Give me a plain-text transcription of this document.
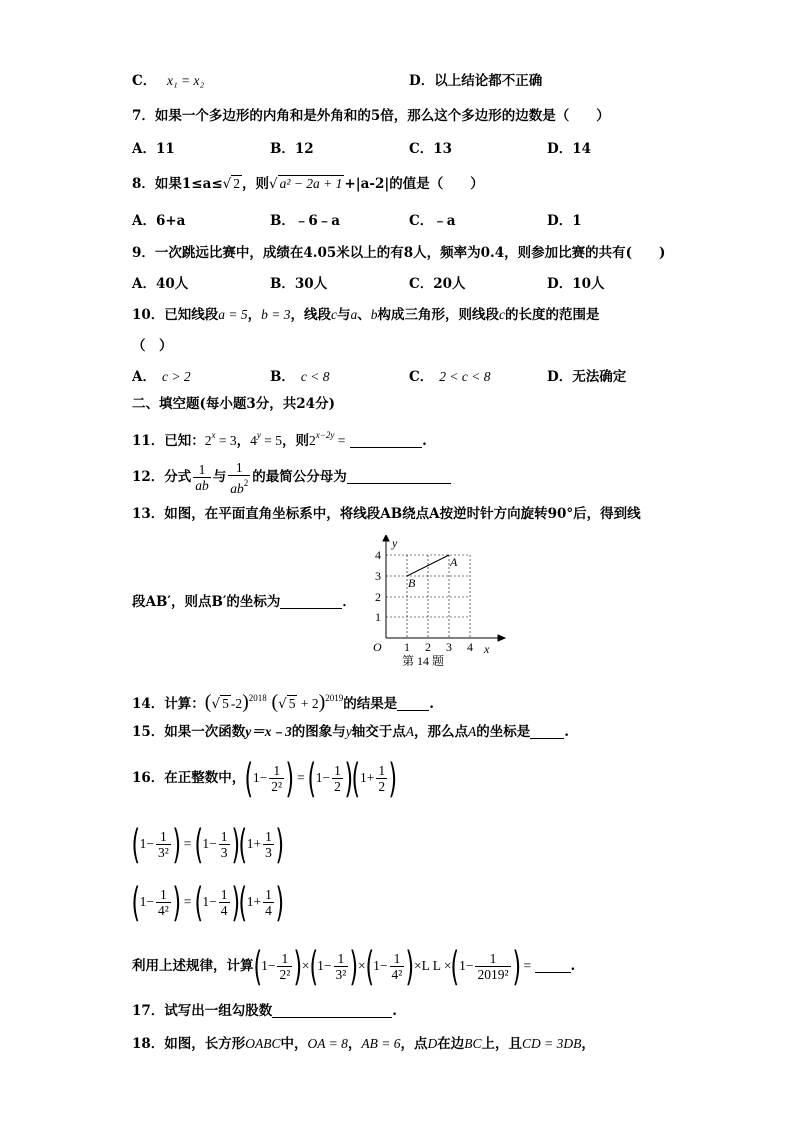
C． x₁ = x₂	D．以上结论都不正确
7．如果一个多边形的内角和是外角和的5倍，那么这个多边形的边数是（　　）
A．11	B．12	C．13	D．14
8．如果1≤a≤√ 2 ，则√ a² − 2a + 1 +|a-2|的值是（　　）
A．6+a	B．﹣6﹣a	C．﹣a	D．1
9．一次跳远比赛中，成绩在4.05米以上的有8人，频率为0.4，则参加比赛的共有(　　)
A．40人	B．30人	C．20人	D．10人
10．已知线段a = 5，b = 3，线段c与a、b构成三角形，则线段c的长度的范围是
（　）
A． c > 2	B． c < 8	C． 2 < c < 8	D．无法确定
二、填空题(每小题3分，共24分)
11．已知：$2^x = 3$，$4^y = 5$，则$2^{x-2y}$ =	.
12．分式 $\frac{1}{ab}$ 与 $\frac{1}{ab^2}$ 的最简公分母为
13．如图，在平面直角坐标系中，将线段AB绕点A按逆时针方向旋转90°后，得到线
段AB′，则点B′的坐标为	．
y
x
O 1 2 3 4
1
2
3
4	A
B
第 14 题
14．计算：(√ 5 -2)$^{2018}$ (√ 5 + 2)$^{2019}$的结果是 .
15．如果一次函数y＝x﹣3的图象与y轴交于点A，那么点A的坐标是	.
16．在正整数中，($1- \frac{1}{\text{2²}}$ ) = $(1- \frac{1}{2} )(1+ \frac{1}{2}$ )
($1- \frac{1}{\text{3²}}$ ) = $(1- \frac{1}{3} )(1+ \frac{1}{3}$ )
($1- \frac{1}{\text{4²}}$ ) = $(1- \frac{1}{4} )(1+ \frac{1}{4}$ )
利用上述规律，计算$(1- \frac{1}{\text{2²}} )\times(1- \frac{1}{\text{3²}} )\times(1- \frac{1}{\text{4²}} )\times L$ $L \times(1- \frac{1}{\text{2019²}}$ ) =	.
17．试写出一组勾股数	.
18．如图，长方形OABC中，OA = 8，AB = 6，点D在边BC上，且CD = 3DB，
